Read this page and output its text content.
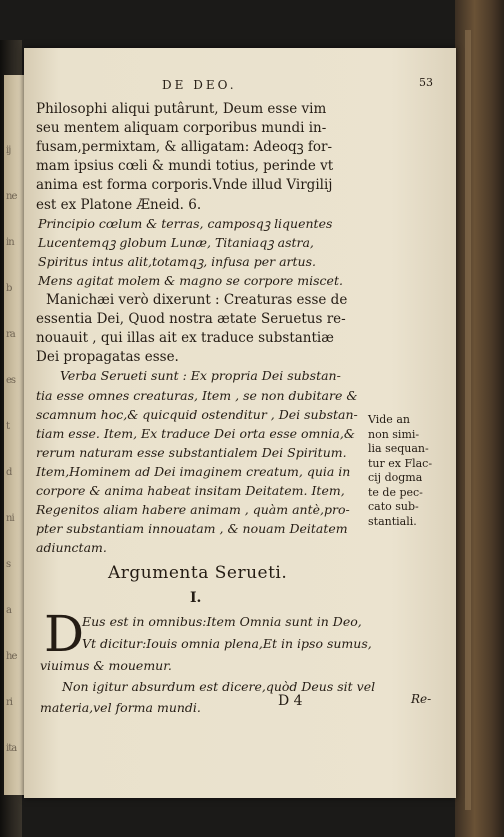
ij
ne
in
b
ra
es
t
d
ni
s
a
he
ri
ita
DE DEO.	53
Philosophi aliqui putârunt, Deum esse vim
seu mentem aliquam corporibus mundi in-
fusam,permixtam, & alligatam: Adeoqꝫ for-
mam ipsius cœli & mundi totius, perinde vt
anima est forma corporis.Vnde illud Virgilij
est ex Platone Æneid. 6.
Principio cœlum & terras, camposqꝫ liquentes
Lucentemqꝫ globum Lunæ, Titaniaqꝫ astra,
Spiritus intus alit,totamqꝫ, infusa per artus.
Mens agitat molem & magno se corpore miscet.
Manichæi verò dixerunt : Creaturas esse de
essentia Dei, Quod nostra ætate Seruetus re-
nouauit , qui illas ait ex traduce substantiæ
Dei propagatas esse.
Verba Serueti sunt : Ex propria Dei substan-
tia esse omnes creaturas, Item , se non dubitare &
scamnum hoc,& quicquid ostenditur , Dei substan-
tiam esse. Item, Ex traduce Dei orta esse omnia,&
rerum naturam esse substantialem Dei Spiritum.
Item,Hominem ad Dei imaginem creatum, quia in
corpore & anima habeat insitam Deitatem. Item,
Regenitos aliam habere animam , quàm antè,pro-
pter substantiam innouatam , & nouam Deitatem
adiunctam.
Vide an
non simi-
lia sequan-
tur ex Flac-
cij dogma
te de pec-
cato sub-
stantiali.
Argumenta Serueti.
I.
D
Eus est in omnibus:Item Omnia sunt in Deo,
Vt dicitur:Iouis omnia plena,Et in ipso sumus,
viuimus & mouemur.
Non igitur absurdum est dicere,quòd Deus sit vel
materia,vel forma mundi.	D 4	Re-
